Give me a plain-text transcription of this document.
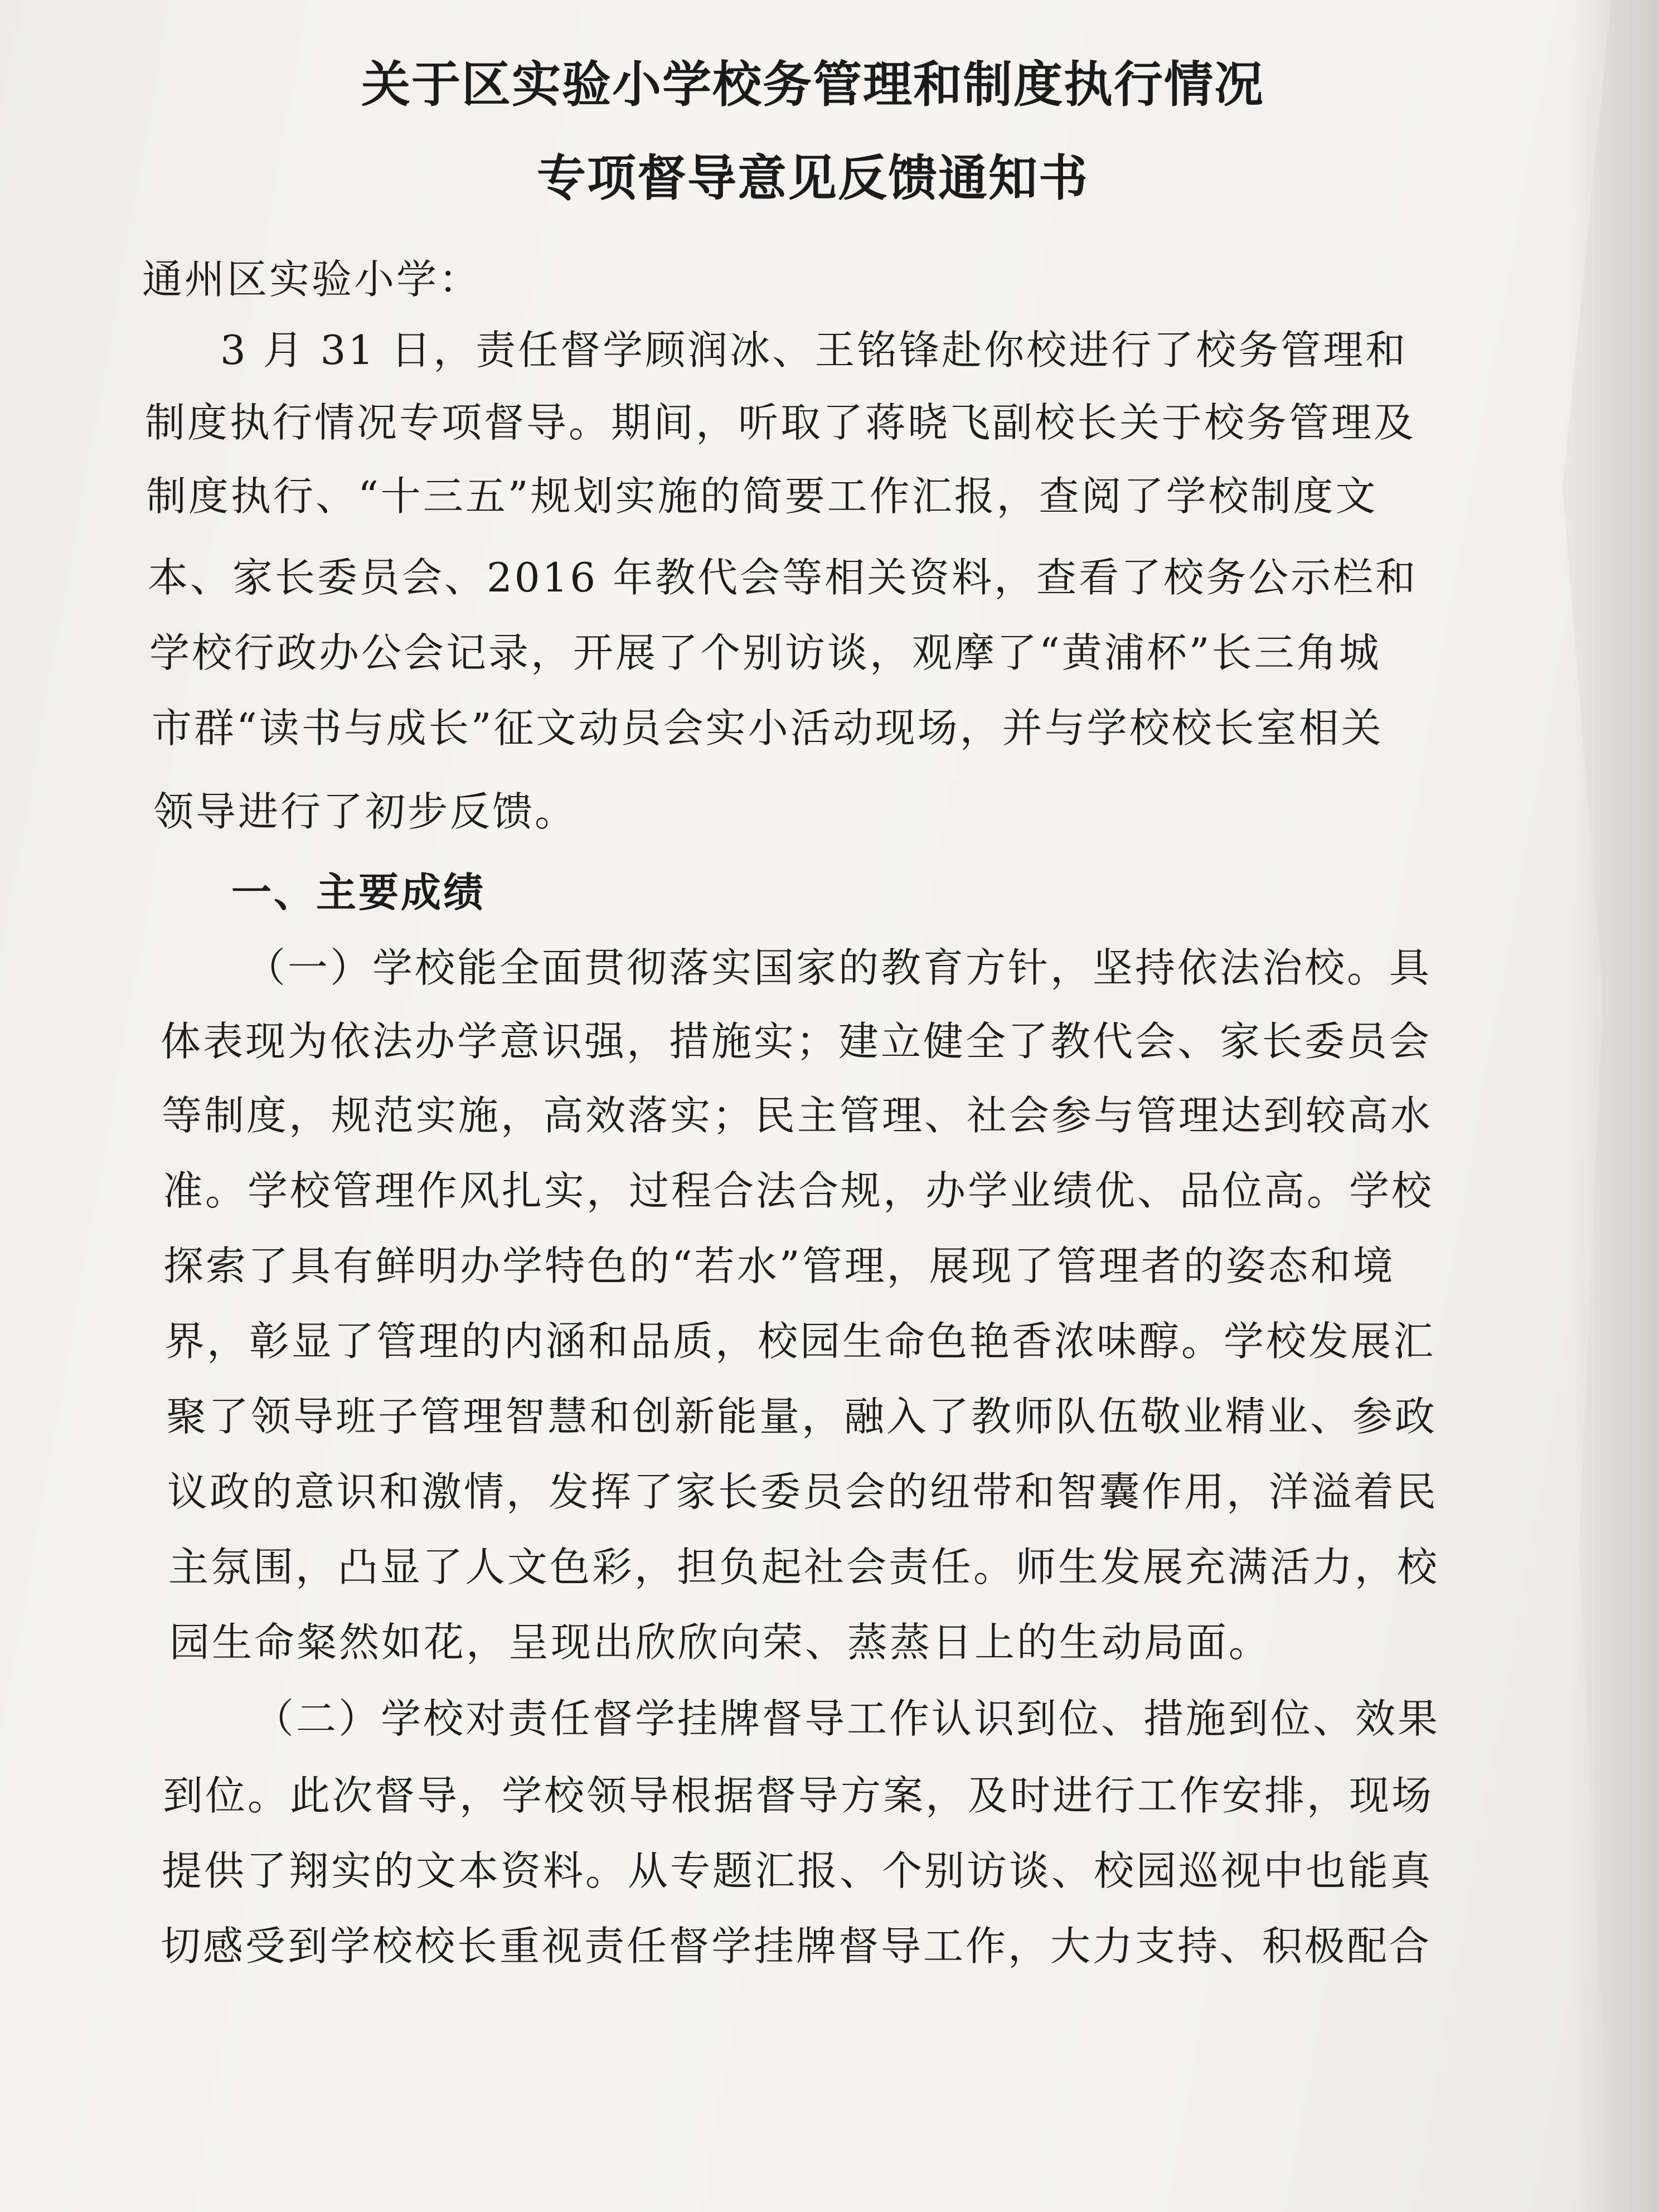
关于区实验小学校务管理和制度执行情况
专项督导意见反馈通知书
通州区实验小学：
3 月 31 日，责任督学顾润冰、王铭锋赴你校进行了校务管理和
制度执行情况专项督导。期间，听取了蒋晓飞副校长关于校务管理及
制度执行、“十三五”规划实施的简要工作汇报，查阅了学校制度文
本、家长委员会、2016 年教代会等相关资料，查看了校务公示栏和
学校行政办公会记录，开展了个别访谈，观摩了“黄浦杯”长三角城
市群“读书与成长”征文动员会实小活动现场，并与学校校长室相关
领导进行了初步反馈。
一、主要成绩
（一）学校能全面贯彻落实国家的教育方针，坚持依法治校。具
体表现为依法办学意识强，措施实；建立健全了教代会、家长委员会
等制度，规范实施，高效落实；民主管理、社会参与管理达到较高水
准。学校管理作风扎实，过程合法合规，办学业绩优、品位高。学校
探索了具有鲜明办学特色的“若水”管理，展现了管理者的姿态和境
界，彰显了管理的内涵和品质，校园生命色艳香浓味醇。学校发展汇
聚了领导班子管理智慧和创新能量，融入了教师队伍敬业精业、参政
议政的意识和激情，发挥了家长委员会的纽带和智囊作用，洋溢着民
主氛围，凸显了人文色彩，担负起社会责任。师生发展充满活力，校
园生命粲然如花，呈现出欣欣向荣、蒸蒸日上的生动局面。
（二）学校对责任督学挂牌督导工作认识到位、措施到位、效果
到位。此次督导，学校领导根据督导方案，及时进行工作安排，现场
提供了翔实的文本资料。从专题汇报、个别访谈、校园巡视中也能真
切感受到学校校长重视责任督学挂牌督导工作，大力支持、积极配合
